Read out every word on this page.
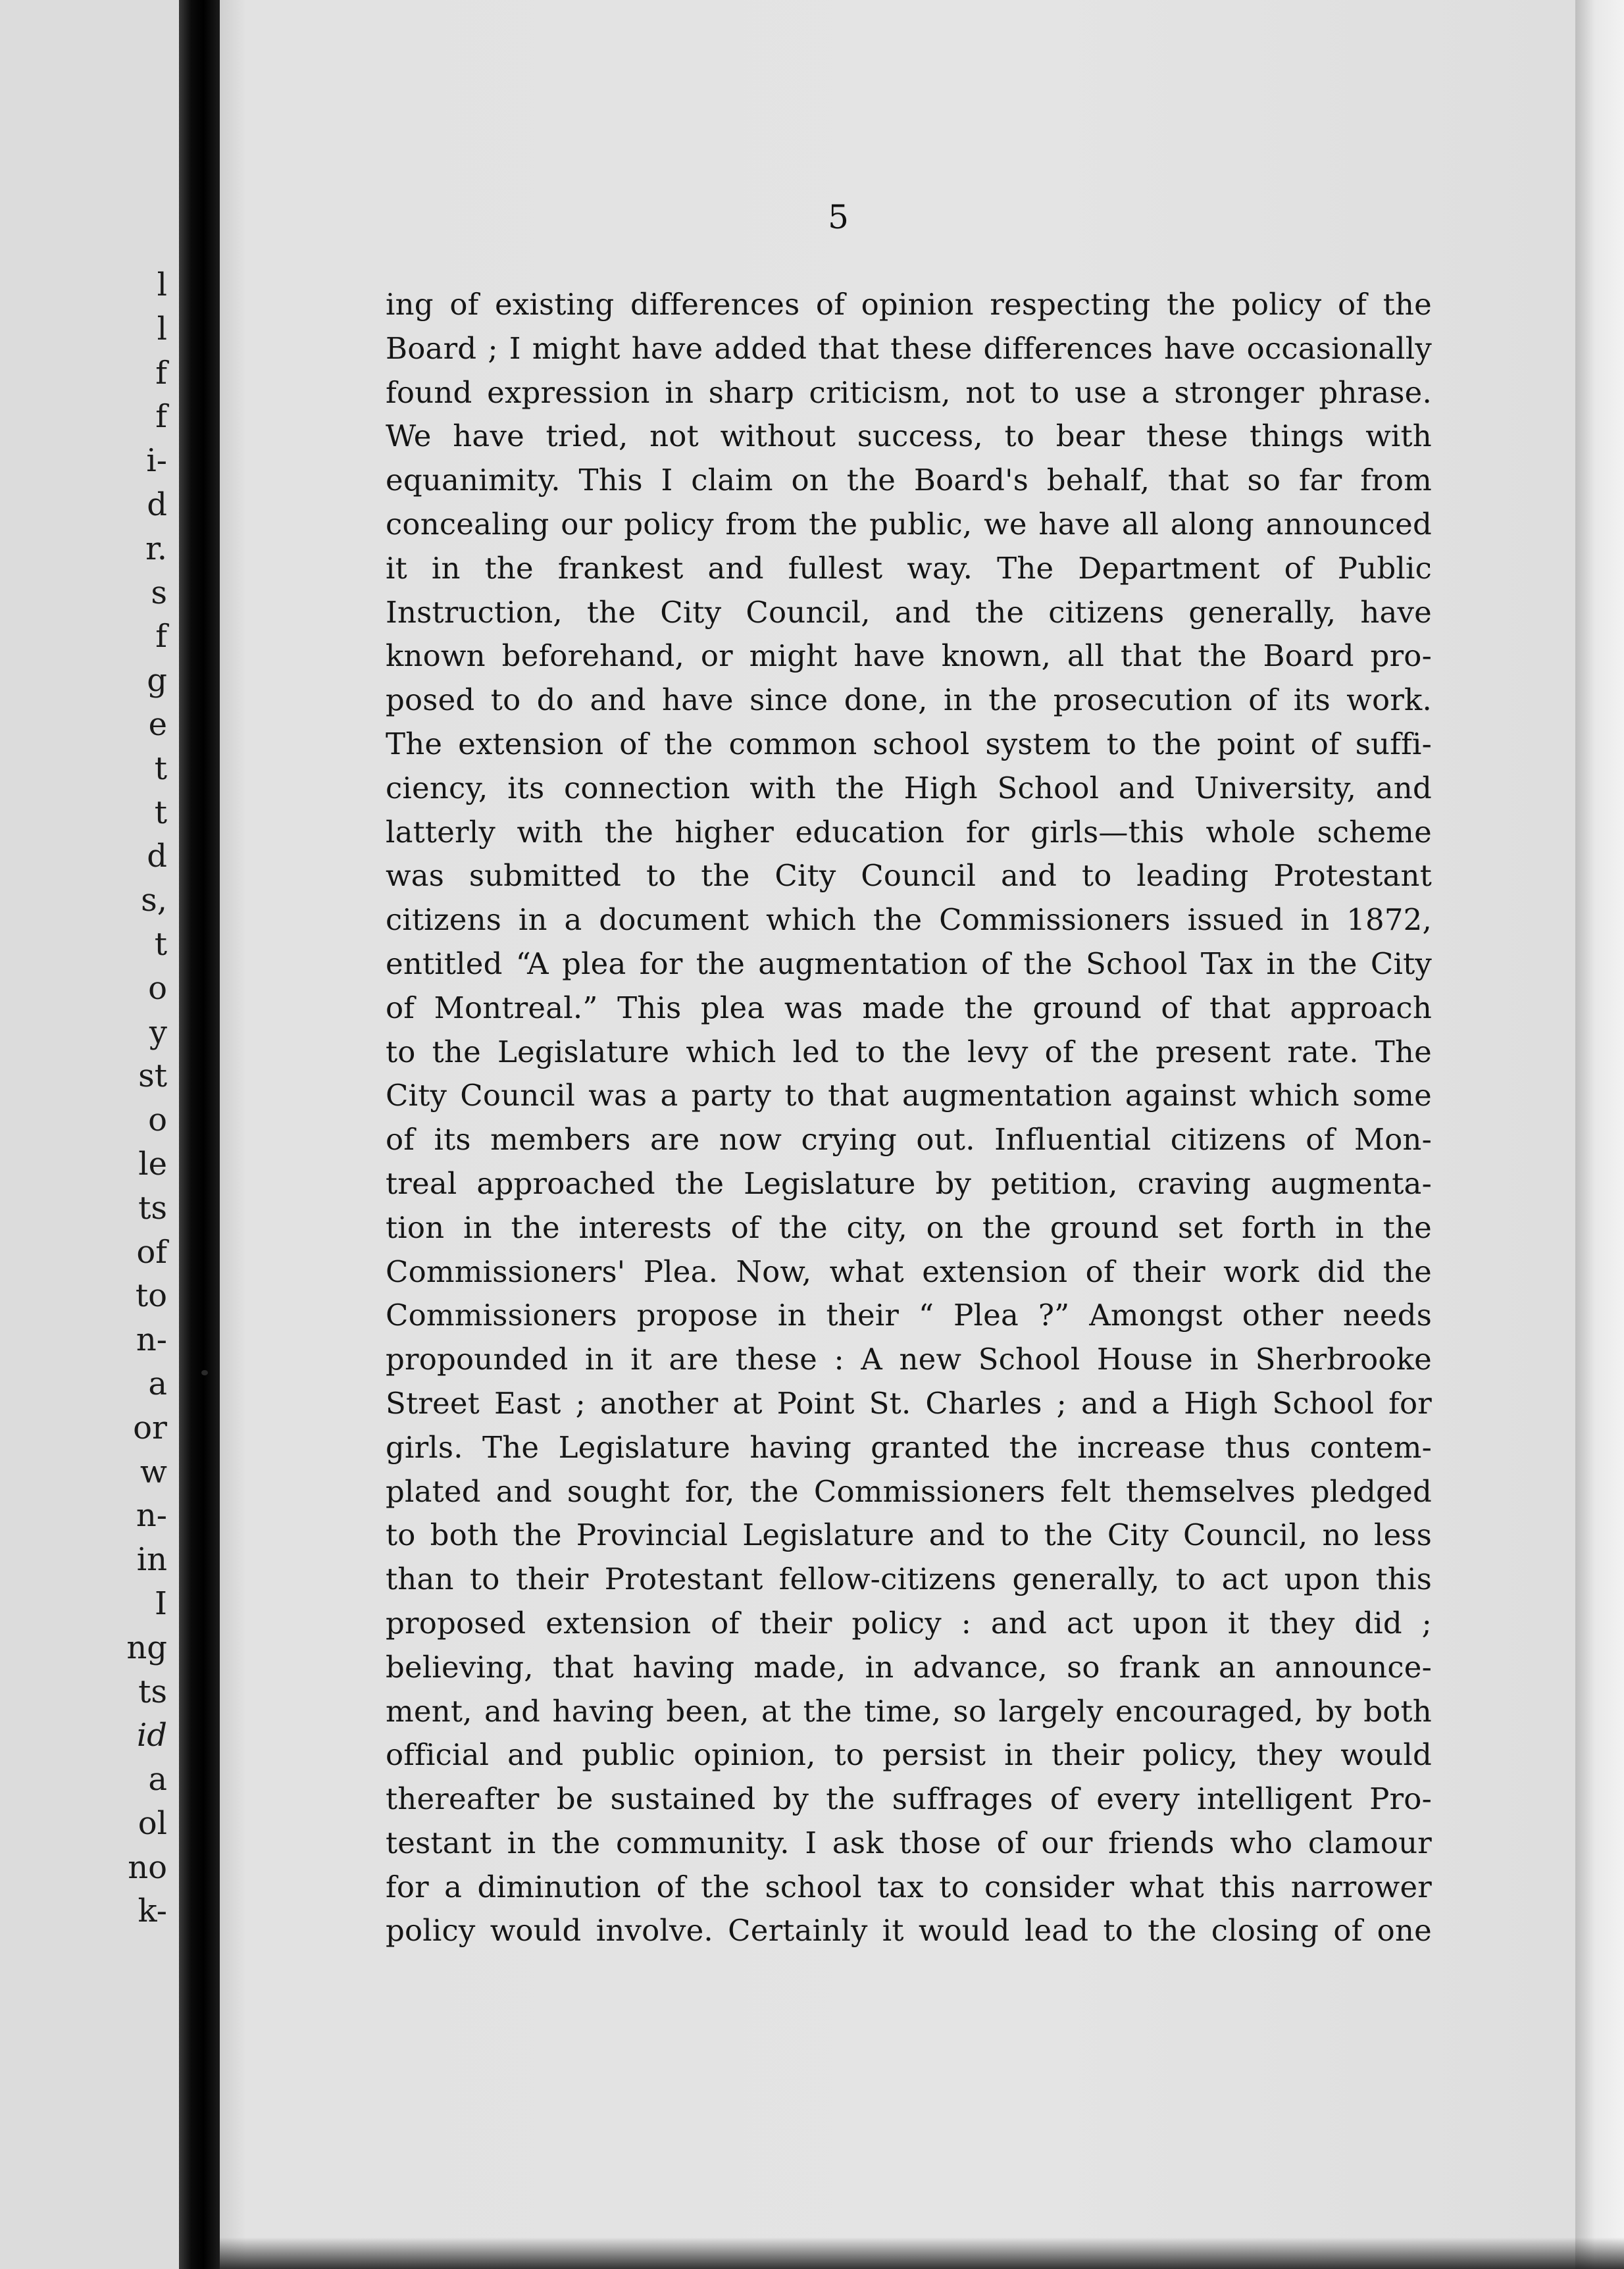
l
l
f
f
i-
d
r.
s
f
g
e
t
t
d
s,
t
o
y
st
o
le
ts
of
to
n-
a
or
w
n-
in
I
ng
ts
id
a
ol
no
k-
5
ing of existing differences of opinion respecting the policy of the
Board ; I might have added that these differences have occasionally
found expression in sharp criticism, not to use a stronger phrase.
We have tried, not without success, to bear these things with
equanimity. This I claim on the Board's behalf, that so far from
concealing our policy from the public, we have all along announced
it in the frankest and fullest way. The Department of Public
Instruction, the City Council, and the citizens generally, have
known beforehand, or might have known, all that the Board pro-
posed to do and have since done, in the prosecution of its work.
The extension of the common school system to the point of suffi-
ciency, its connection with the High School and University, and
latterly with the higher education for girls—this whole scheme
was submitted to the City Council and to leading Protestant
citizens in a document which the Commissioners issued in 1872,
entitled “A plea for the augmentation of the School Tax in the City
of Montreal.” This plea was made the ground of that approach
to the Legislature which led to the levy of the present rate. The
City Council was a party to that augmentation against which some
of its members are now crying out. Influential citizens of Mon-
treal approached the Legislature by petition, craving augmenta-
tion in the interests of the city, on the ground set forth in the
Commissioners' Plea. Now, what extension of their work did the
Commissioners propose in their “ Plea ?” Amongst other needs
propounded in it are these : A new School House in Sherbrooke
Street East ; another at Point St. Charles ; and a High School for
girls. The Legislature having granted the increase thus contem-
plated and sought for, the Commissioners felt themselves pledged
to both the Provincial Legislature and to the City Council, no less
than to their Protestant fellow-citizens generally, to act upon this
proposed extension of their policy : and act upon it they did ;
believing, that having made, in advance, so frank an announce-
ment, and having been, at the time, so largely encouraged, by both
official and public opinion, to persist in their policy, they would
thereafter be sustained by the suffrages of every intelligent Pro-
testant in the community. I ask those of our friends who clamour
for a diminution of the school tax to consider what this narrower
policy would involve. Certainly it would lead to the closing of one
